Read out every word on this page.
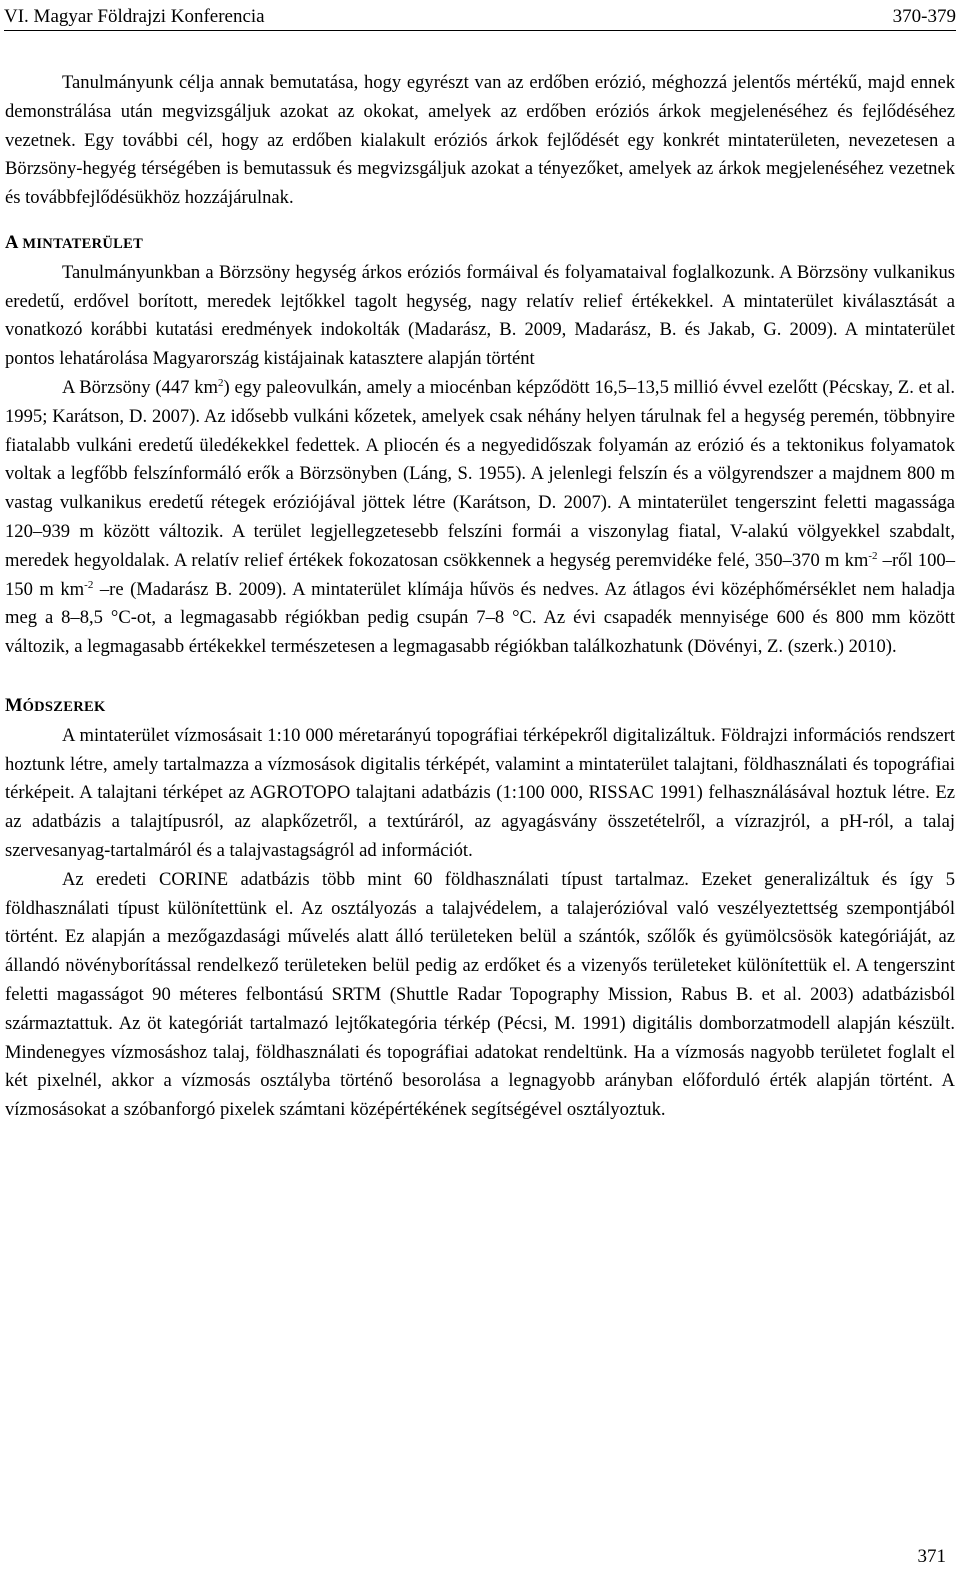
VI. Magyar Földrajzi Konferencia	370-379

Tanulmányunk célja annak bemutatása, hogy egyrészt van az erdőben erózió, méghozzá jelentős mértékű, majd ennek demonstrálása után megvizsgáljuk azokat az okokat, amelyek az erdőben eróziós árkok megjelenéséhez és fejlődéséhez vezetnek. Egy további cél, hogy az erdőben kialakult eróziós árkok fejlődését egy konkrét mintaterületen, nevezetesen a Börzsöny-hegyég térségében is bemutassuk és megvizsgáljuk azokat a tényezőket, amelyek az árkok megjelenéséhez vezetnek és továbbfejlődésükhöz hozzájárulnak.

A MINTATERÜLET

Tanulmányunkban a Börzsöny hegység árkos eróziós formáival és folyamataival foglalkozunk. A Börzsöny vulkanikus eredetű, erdővel borított, meredek lejtőkkel tagolt hegység, nagy relatív relief értékekkel. A mintaterület kiválasztását a vonatkozó korábbi kutatási eredmények indokolták (Madarász, B. 2009, Madarász, B. és Jakab, G. 2009). A mintaterület pontos lehatárolása Magyarország kistájainak katasztere alapján történt

A Börzsöny (447 $km^2$) egy paleovulkán, amely a miocénban képződött 16,5–13,5 millió évvel ezelőtt (Pécskay, Z. et al. 1995; Karátson, D. 2007). Az idősebb vulkáni kőzetek, amelyek csak néhány helyen tárulnak fel a hegység peremén, többnyire fiatalabb vulkáni eredetű üledékekkel fedettek. A pliocén és a negyedidőszak folyamán az erózió és a tektonikus folyamatok voltak a legfőbb felszínformáló erők a Börzsönyben (Láng, S. 1955). A jelenlegi felszín és a völgyrendszer a majdnem 800 m vastag vulkanikus eredetű rétegek eróziójával jöttek létre (Karátson, D. 2007). A mintaterület tengerszint feletti magassága 120–939 m között változik. A terület legjellegzetesebb felszíni formái a viszonylag fiatal, V-alakú völgyekkel szabdalt, meredek hegyoldalak. A relatív relief értékek fokozatosan csökkennek a hegység peremvidéke felé, 350–370 m $km^{-2}$ –ről 100–150 m $km^{-2}$ –re (Madarász B. 2009). A mintaterület klímája hűvös és nedves. Az átlagos évi középhőmérséklet nem haladja meg a 8–8,5 °C-ot, a legmagasabb régiókban pedig csupán 7–8 °C. Az évi csapadék mennyisége 600 és 800 mm között változik, a legmagasabb értékekkel természetesen a legmagasabb régiókban találkozhatunk (Dövényi, Z. (szerk.) 2010).

MÓDSZEREK

A mintaterület vízmosásait 1:10 000 méretarányú topográfiai térképekről digitalizáltuk. Földrajzi információs rendszert hoztunk létre, amely tartalmazza a vízmosások digitalis térképét, valamint a mintaterület talajtani, földhasználati és topográfiai térképeit. A talajtani térképet az AGROTOPO talajtani adatbázis (1:100 000, RISSAC 1991) felhasználásával hoztuk létre. Ez az adatbázis a talajtípusról, az alapkőzetről, a textúráról, az agyagásvány összetételről, a vízrazjról, a pH-ról, a talaj szervesanyag-tartalmáról és a talajvastagságról ad információt.

Az eredeti CORINE adatbázis több mint 60 földhasználati típust tartalmaz. Ezeket generalizáltuk és így 5 földhasználati típust különítettünk el. Az osztályozás a talajvédelem, a talajerózióval való veszélyeztettség szempontjából történt. Ez alapján a mezőgazdasági művelés alatt álló területeken belül a szántók, szőlők és gyümölcsösök kategóriáját, az állandó növényborítással rendelkező területeken belül pedig az erdőket és a vizenyős területeket különítettük el. A tengerszint feletti magasságot 90 méteres felbontású SRTM (Shuttle Radar Topography Mission, Rabus B. et al. 2003) adatbázisból származtattuk. Az öt kategóriát tartalmazó lejtőkategória térkép (Pécsi, M. 1991) digitális domborzatmodell alapján készült. Mindenegyes vízmosáshoz talaj, földhasználati és topográfiai adatokat rendeltünk. Ha a vízmosás nagyobb területet foglalt el két pixelnél, akkor a vízmosás osztályba történő besorolása a legnagyobb arányban előforduló érték alapján történt. A vízmosásokat a szóbanforgó pixelek számtani középértékének segítségével osztályoztuk.

371
